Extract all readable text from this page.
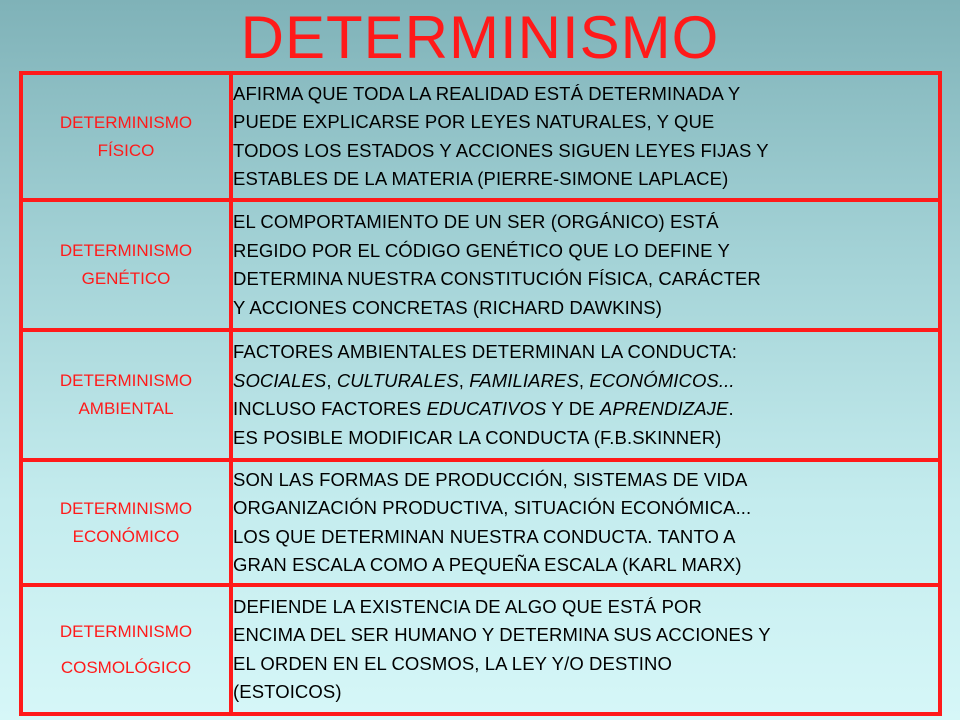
DETERMINISMO
DETERMINISMO
FÍSICO	AFIRMA QUE TODA LA REALIDAD ESTÁ DETERMINADA Y
PUEDE EXPLICARSE POR LEYES NATURALES, Y QUE
TODOS LOS ESTADOS Y ACCIONES SIGUEN LEYES FIJAS Y
ESTABLES DE LA MATERIA (PIERRE-SIMONE LAPLACE)

DETERMINISMO
GENÉTICO	EL COMPORTAMIENTO DE UN SER (ORGÁNICO) ESTÁ
REGIDO POR EL CÓDIGO GENÉTICO QUE LO DEFINE Y
DETERMINA NUESTRA CONSTITUCIÓN FÍSICA, CARÁCTER
Y ACCIONES CONCRETAS (RICHARD DAWKINS)

DETERMINISMO
AMBIENTAL	FACTORES AMBIENTALES DETERMINAN LA CONDUCTA:
SOCIALES, CULTURALES, FAMILIARES, ECONÓMICOS...
INCLUSO FACTORES EDUCATIVOS Y DE APRENDIZAJE.
ES POSIBLE MODIFICAR LA CONDUCTA (F.B.SKINNER)

DETERMINISMO
ECONÓMICO	SON LAS FORMAS DE PRODUCCIÓN, SISTEMAS DE VIDA
ORGANIZACIÓN PRODUCTIVA, SITUACIÓN ECONÓMICA...
LOS QUE DETERMINAN NUESTRA CONDUCTA. TANTO A
GRAN ESCALA COMO A PEQUEÑA ESCALA (KARL MARX)

DETERMINISMO
COSMOLÓGICO	DEFIENDE LA EXISTENCIA DE ALGO QUE ESTÁ POR
ENCIMA DEL SER HUMANO Y DETERMINA SUS ACCIONES Y
EL ORDEN EN EL COSMOS, LA LEY Y/O DESTINO
(ESTOICOS)
